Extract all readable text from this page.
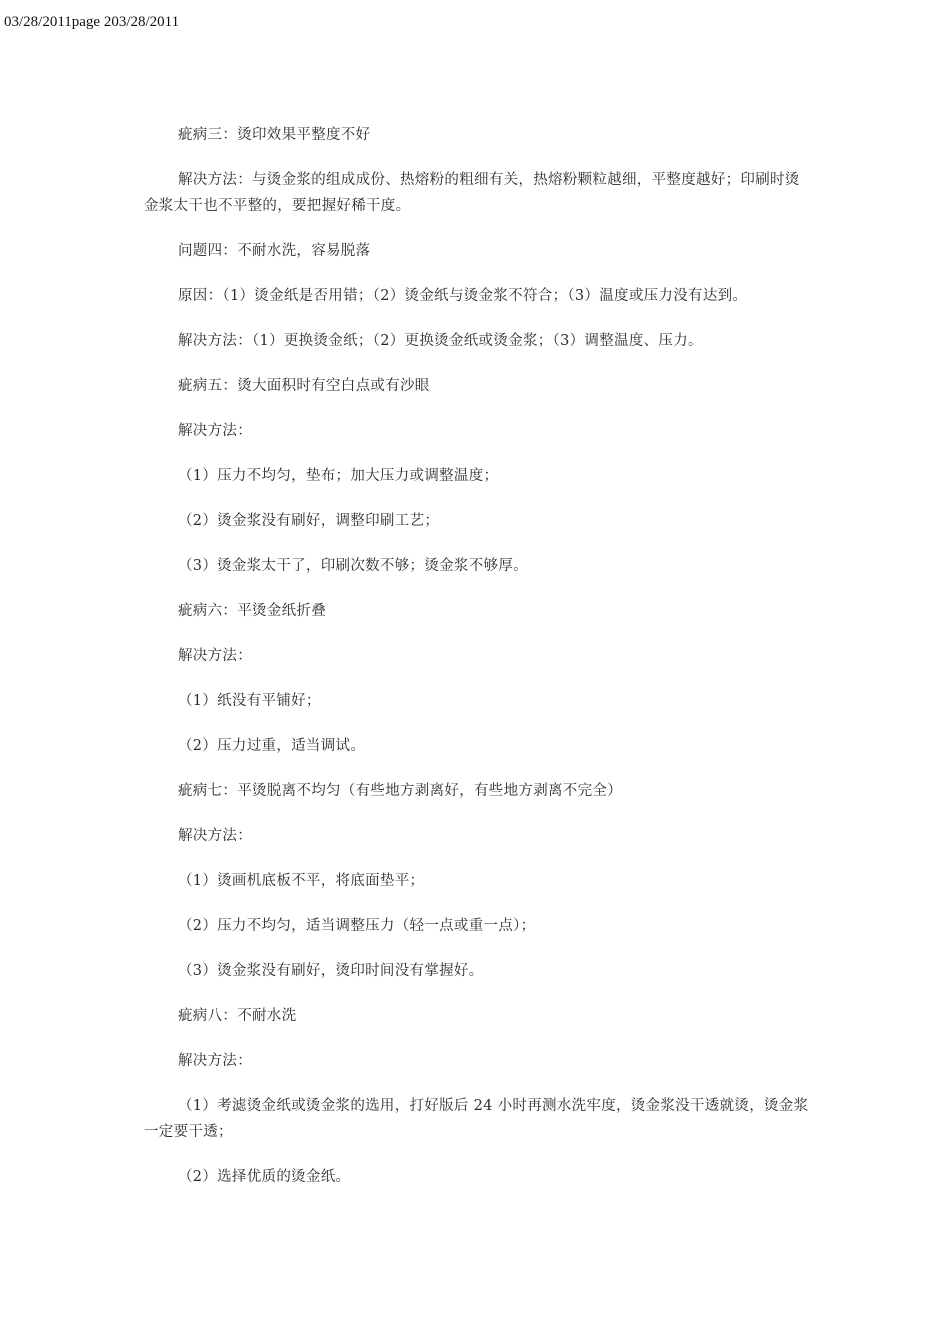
03/28/2011page 203/28/2011

疵病三：烫印效果平整度不好

解决方法：与烫金浆的组成成份、热熔粉的粗细有关，热熔粉颗粒越细，平整度越好；印刷时烫金浆太干也不平整的，要把握好稀干度。

问题四：不耐水洗，容易脱落

原因：（1）烫金纸是否用错；（2）烫金纸与烫金浆不符合；（3）温度或压力没有达到。

解决方法：（1）更换烫金纸；（2）更换烫金纸或烫金浆；（3）调整温度、压力。

疵病五：烫大面积时有空白点或有沙眼

解决方法：

（1）压力不均匀，垫布；加大压力或调整温度；

（2）烫金浆没有刷好，调整印刷工艺；

（3）烫金浆太干了，印刷次数不够；烫金浆不够厚。

疵病六：平烫金纸折叠

解决方法：

（1）纸没有平铺好；

（2）压力过重，适当调试。

疵病七：平烫脱离不均匀（有些地方剥离好，有些地方剥离不完全）

解决方法：

（1）烫画机底板不平，将底面垫平；

（2）压力不均匀，适当调整压力（轻一点或重一点）；

（3）烫金浆没有刷好，烫印时间没有掌握好。

疵病八：不耐水洗

解决方法：

（1）考滤烫金纸或烫金浆的选用，打好版后 24 小时再测水洗牢度，烫金浆没干透就烫，烫金浆一定要干透；

（2）选择优质的烫金纸。
